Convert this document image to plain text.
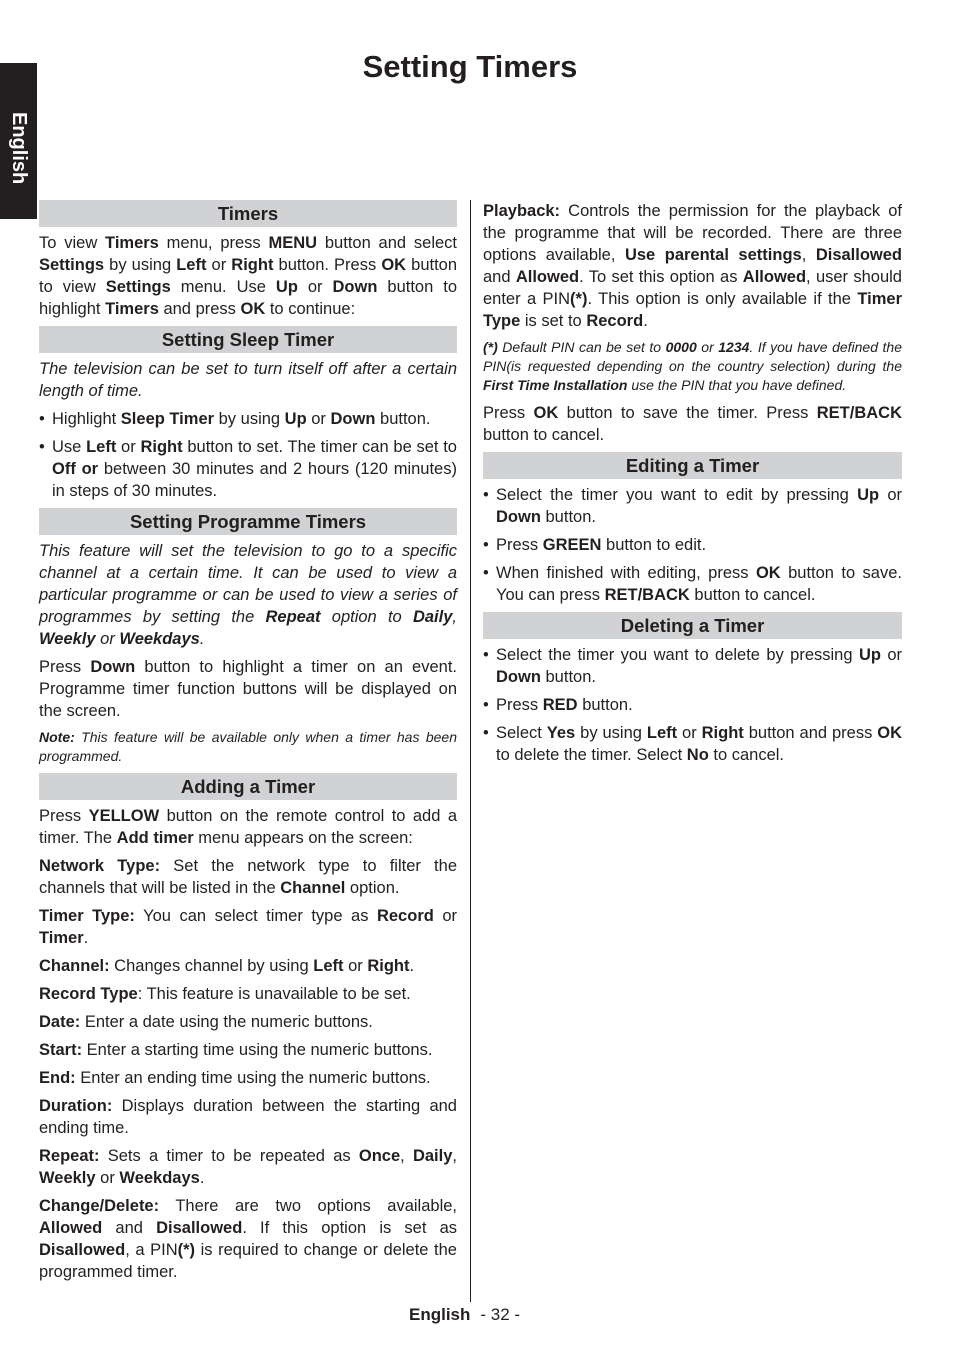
Setting Timers
English
Timers

To view Timers menu, press MENU button and select Settings by using Left or Right button. Press OK button to view Settings menu. Use Up or Down button to highlight Timers and press OK to continue:

Setting Sleep Timer

The television can be set to turn itself off after a certain length of time.

• Highlight Sleep Timer by using Up or Down button.
• Use Left or Right button to set. The timer can be set to Off or between 30 minutes and 2 hours (120 minutes) in steps of 30 minutes.
Setting Programme Timers

This feature will set the television to go to a specific channel at a certain time. It can be used to view a particular programme or can be used to view a series of programmes by setting the Repeat option to Daily, Weekly or Weekdays.

Press Down button to highlight a timer on an event. Programme timer function buttons will be displayed on the screen.

Note: This feature will be available only when a timer has been programmed.

Adding a Timer

Press YELLOW button on the remote control to add a timer. The Add timer menu appears on the screen:

Network Type: Set the network type to filter the channels that will be listed in the Channel option.

Timer Type: You can select timer type as Record or Timer.

Channel: Changes channel by using Left or Right.

Record Type: This feature is unavailable to be set.

Date: Enter a date using the numeric buttons.

Start: Enter a starting time using the numeric buttons.

End: Enter an ending time using the numeric buttons.

Duration: Displays duration between the starting and ending time.

Repeat: Sets a timer to be repeated as Once, Daily, Weekly or Weekdays.

Change/Delete: There are two options available, Allowed and Disallowed. If this option is set as Disallowed, a PIN(*) is required to change or delete the programmed timer.

Playback: Controls the permission for the playback of the programme that will be recorded. There are three options available, Use parental settings, Disallowed and Allowed. To set this option as Allowed, user should enter a PIN(*). This option is only available if the Timer Type is set to Record.

(*) Default PIN can be set to 0000 or 1234. If you have defined the PIN(is requested depending on the country selection) during the First Time Installation use the PIN that you have defined.

Press OK button to save the timer. Press RET/BACK button to cancel.

Editing a Timer
• Select the timer you want to edit by pressing Up or Down button.
• Press GREEN button to edit.
• When finished with editing, press OK button to save. You can press RET/BACK button to cancel.
Deleting a Timer
• Select the timer you want to delete by pressing Up or Down button.
• Press RED button.
• Select Yes by using Left or Right button and press OK to delete the timer. Select No to cancel.
English - 32 -
